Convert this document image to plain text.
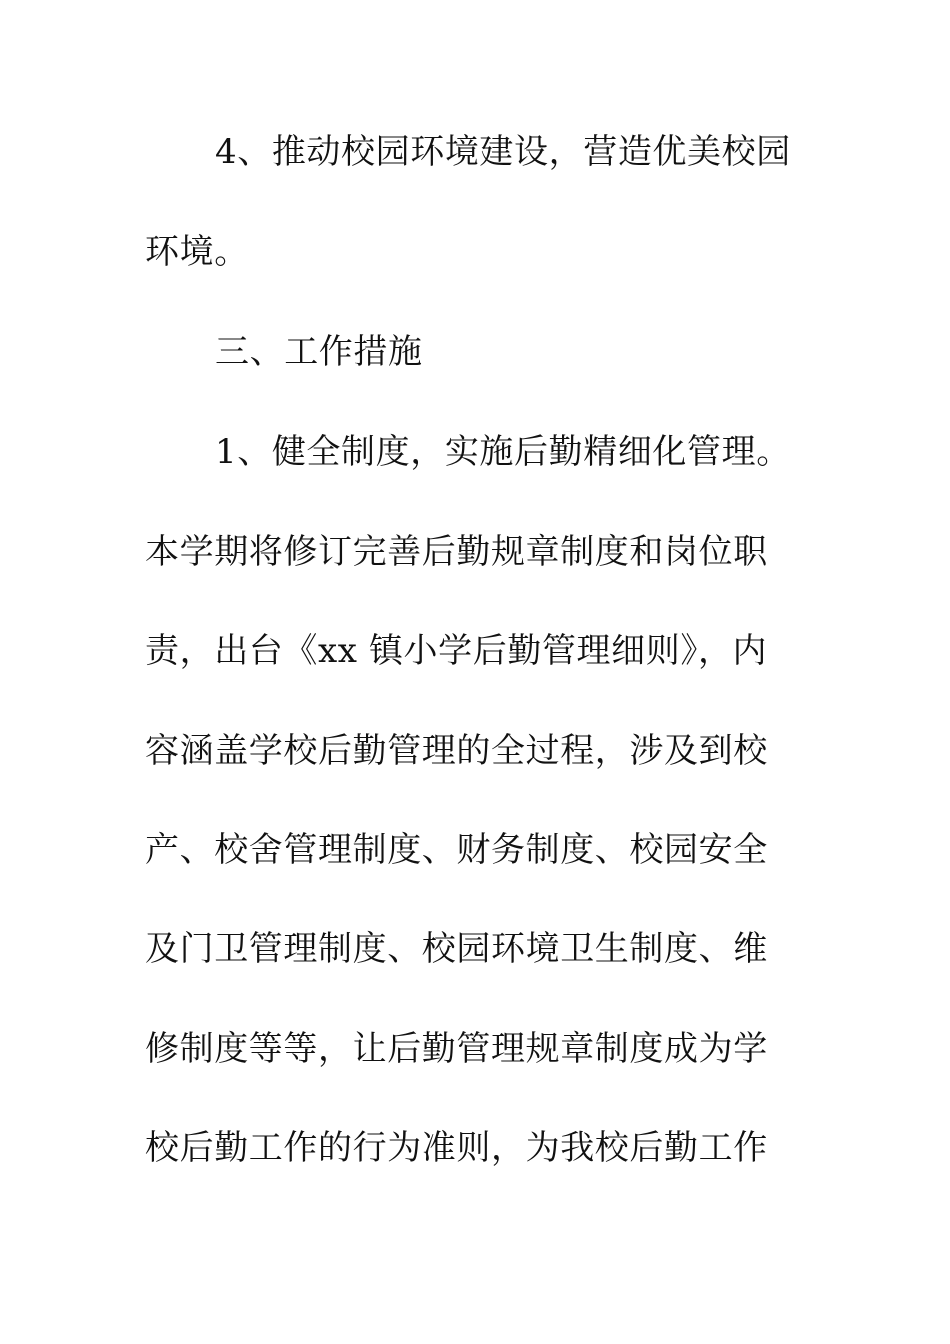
4、推动校园环境建设，营造优美校园

环境。

三、工作措施

1、健全制度，实施后勤精细化管理。

本学期将修订完善后勤规章制度和岗位职

责，出台《xx 镇小学后勤管理细则》，内

容涵盖学校后勤管理的全过程，涉及到校

产、校舍管理制度、财务制度、校园安全

及门卫管理制度、校园环境卫生制度、维

修制度等等，让后勤管理规章制度成为学

校后勤工作的行为准则，为我校后勤工作
